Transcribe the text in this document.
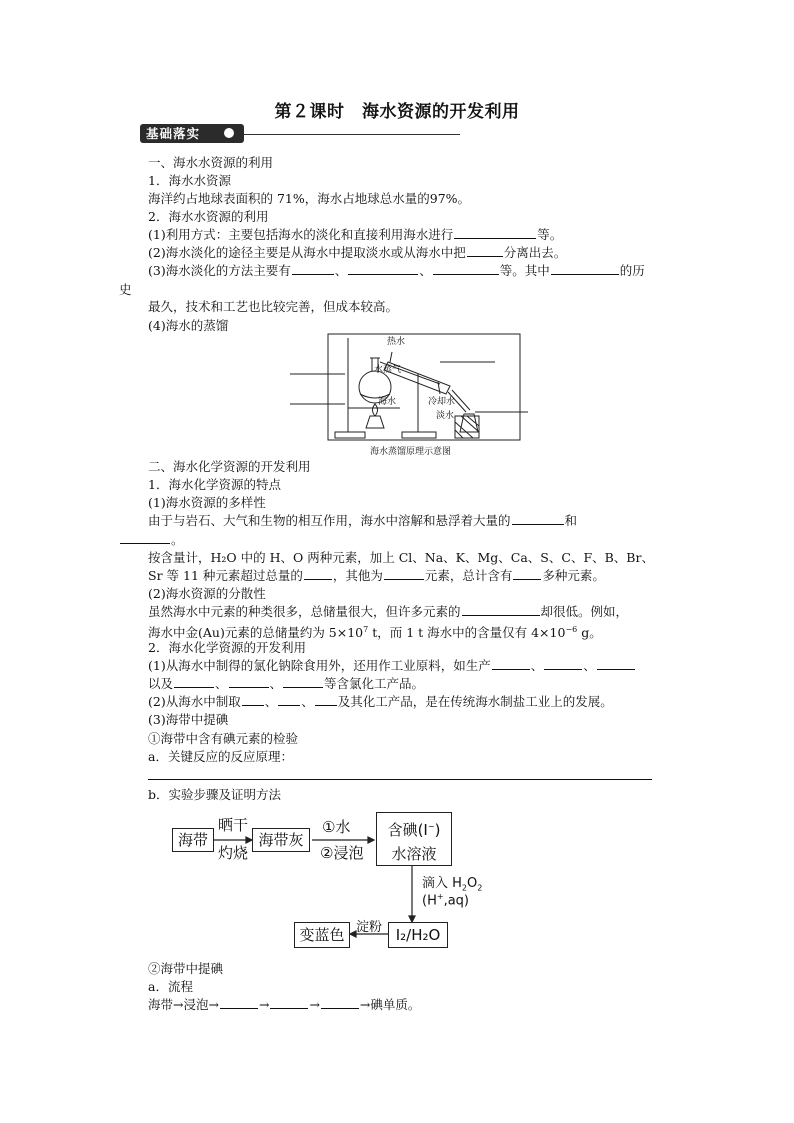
第２课时　海水资源的开发利用
基础落实
一、海水水资源的利用
1．海水水资源
海洋约占地球表面积的 71%，海水占地球总水量的97%。
2．海水水资源的利用
(1)利用方式：主要包括海水的淡化和直接利用海水进行	等。
(2)海水淡化的途径主要是从海水中提取淡水或从海水中把	分离出去。
(3)海水淡化的方法主要有	、	、	等。其中	的历
史
最久，技术和工艺也比较完善，但成本较高。
(4)海水的蒸馏
热水
水蒸气
海水	冷却水
淡水
海水蒸馏原理示意图
二、海水化学资源的开发利用
1．海水化学资源的特点
(1)海水资源的多样性
由于与岩石、大气和生物的相互作用，海水中溶解和悬浮着大量的	和
。
按含量计，H₂O 中的 H、O 两种元素，加上 Cl、Na、K、Mg、Ca、S、C、F、B、Br、
Sr 等 11 种元素超过总量的 ，其他为	元素，总计含有 多种元素。
(2)海水资源的分散性
虽然海水中元素的种类很多，总储量很大，但许多元素的	却很低。例如，
海水中金(Au)元素的总储量约为 $5\times 10^7$ t，而 1 t 海水中的含量仅有 $4\times 10^{-6}$ g。
2．海水化学资源的开发利用
(1)从海水中制得的氯化钠除食用外，还用作工业原料，如生产	、	、
以及	、	、	等含氯化工产品。
(2)从海水中制取 、 、 及其化工产品，是在传统海水制盐工业上的发展。
(3)海带中提碘
①海带中含有碘元素的检验
a．关键反应的反应原理：
b．实验步骤及证明方法
海带
晒干
灼烧
海带灰
①水
②浸泡
含碘(I−)
水溶液
滴入 $H_2O_2$
(H+,aq)
I₂/H₂O
淀粉
变蓝色
②海带中提碘
a．流程
海带→浸泡→	→	→	→碘单质。
